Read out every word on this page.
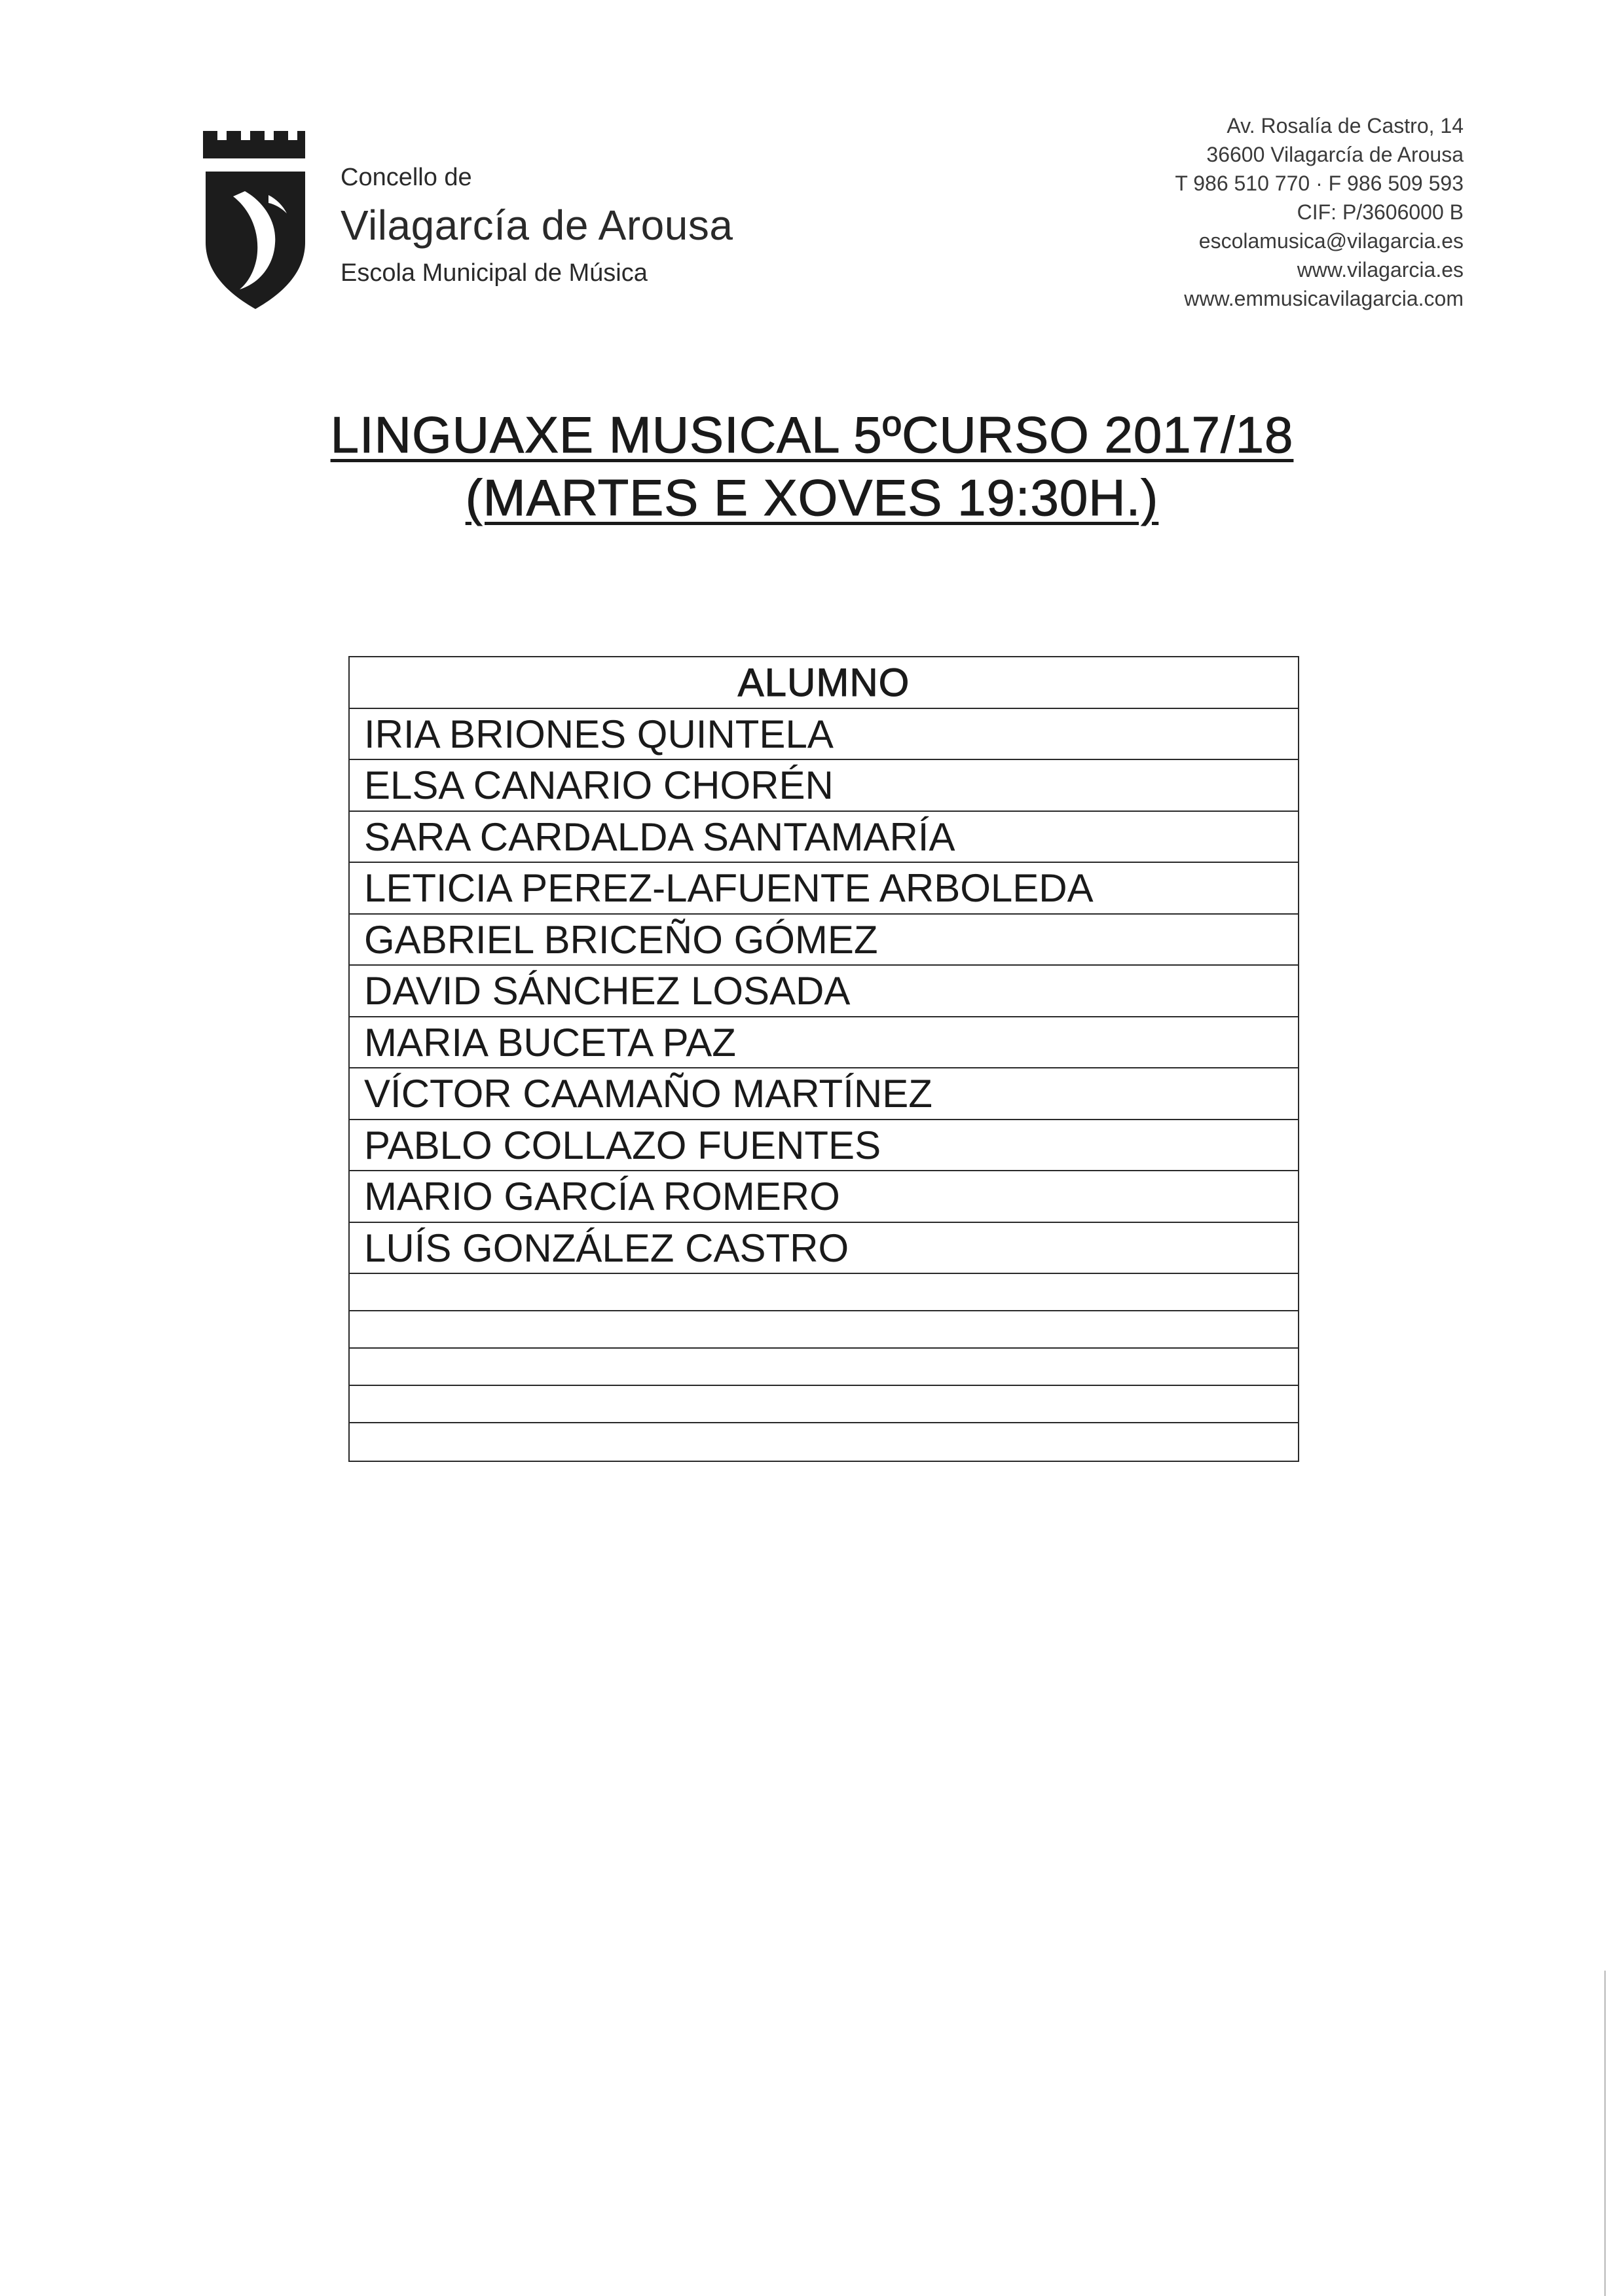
Concello de
Vilagarcía de Arousa
Escola Municipal de Música
Av. Rosalía de Castro, 14
36600 Vilagarcía de Arousa
T 986 510 770 · F 986 509 593
CIF: P/3606000 B
escolamusica@vilagarcia.es
www.vilagarcia.es
www.emmusicavilagarcia.com
LINGUAXE MUSICAL 5ºCURSO 2017/18
(MARTES E XOVES 19:30H.)
ALUMNO
IRIA BRIONES QUINTELA
ELSA CANARIO CHORÉN
SARA CARDALDA SANTAMARÍA
LETICIA PEREZ-LAFUENTE ARBOLEDA
GABRIEL BRICEÑO GÓMEZ
DAVID SÁNCHEZ LOSADA
MARIA BUCETA PAZ
VÍCTOR CAAMAÑO MARTÍNEZ
PABLO COLLAZO FUENTES
MARIO GARCÍA ROMERO
LUÍS GONZÁLEZ CASTRO
